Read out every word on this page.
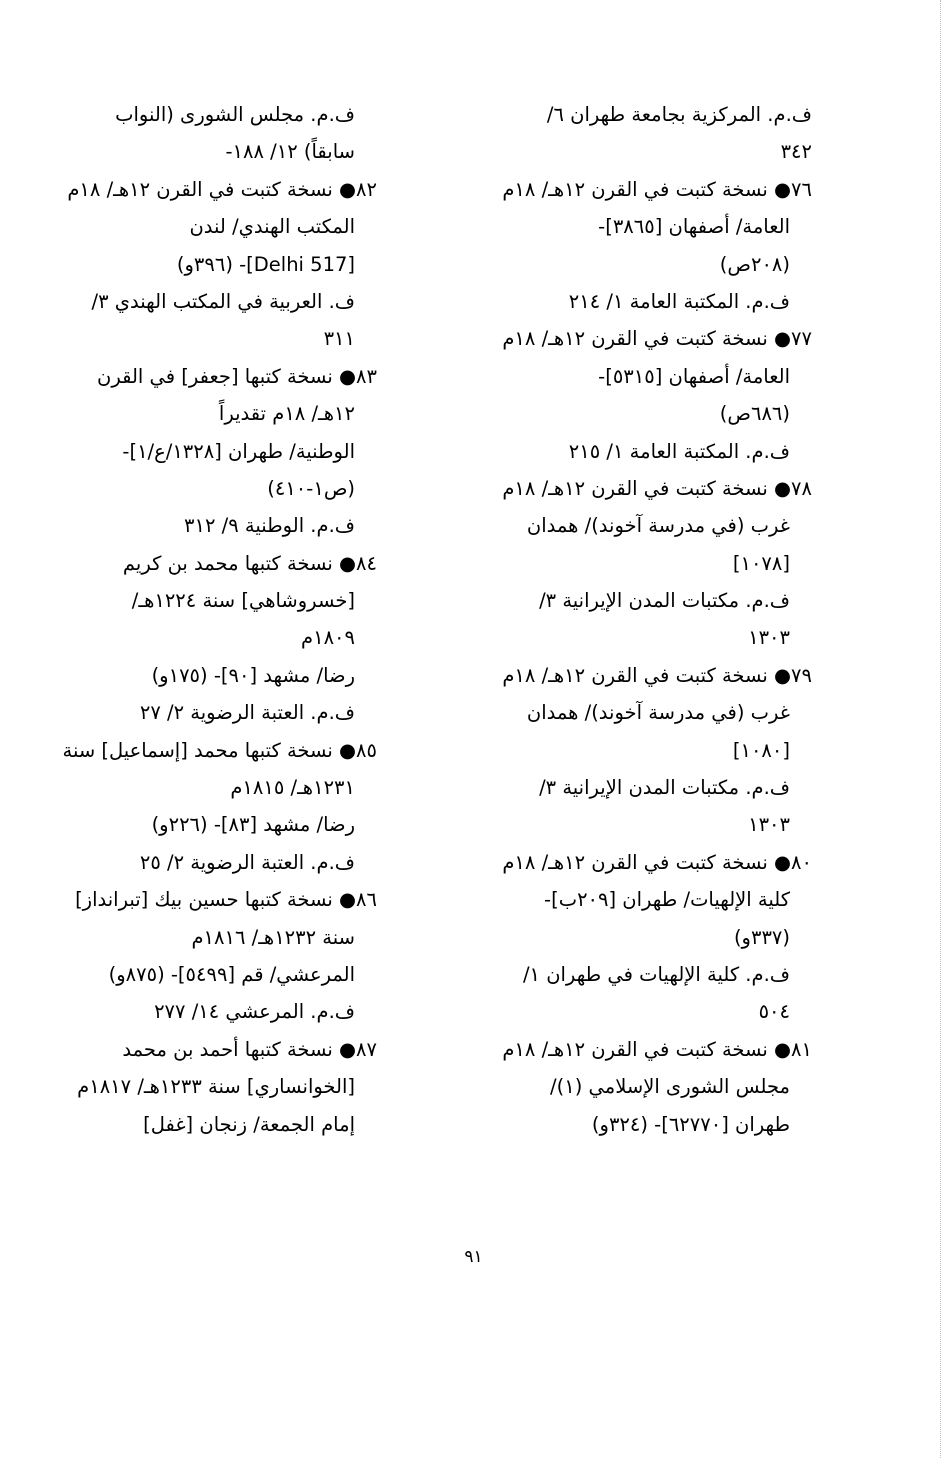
ف.م. المركزية بجامعة طهران ٦/
٣٤٢
٧٦● نسخة كتبت في القرن ١٢هـ/ ١٨م
العامة/ أصفهان [٣٨٦٥]-
(٢٠٨ص)
ف.م. المكتبة العامة ١/ ٢١٤
٧٧● نسخة كتبت في القرن ١٢هـ/ ١٨م
العامة/ أصفهان [٥٣١٥]-
(٦٨٦ص)
ف.م. المكتبة العامة ١/ ٢١٥
٧٨● نسخة كتبت في القرن ١٢هـ/ ١٨م
غرب (في مدرسة آخوند)/ همدان
[١٠٧٨]
ف.م. مكتبات المدن الإيرانية ٣/
١٣٠٣
٧٩● نسخة كتبت في القرن ١٢هـ/ ١٨م
غرب (في مدرسة آخوند)/ همدان
[١٠٨٠]
ف.م. مكتبات المدن الإيرانية ٣/
١٣٠٣
٨٠● نسخة كتبت في القرن ١٢هـ/ ١٨م
كلية الإلهيات/ طهران [٢٠٩ب]-
(٣٣٧و)
ف.م. كلية الإلهيات في طهران ١/
٥٠٤
٨١● نسخة كتبت في القرن ١٢هـ/ ١٨م
مجلس الشورى الإسلامي (١)/
طهران [٦٢٧٧٠]- (٣٢٤و)
ف.م. مجلس الشورى (النواب
سابقاً) ١٢/ ١٨٨-
٨٢● نسخة كتبت في القرن ١٢هـ/ ١٨م
المكتب الهندي/ لندن
[Delhi 517]- (٣٩٦و)
ف. العربية في المكتب الهندي ٣/
٣١١
٨٣● نسخة كتبها [جعفر] في القرن
١٢هـ/ ١٨م تقديراً
الوطنية/ طهران [١٣٢٨/ع/١]-
(ص١-٤١٠)
ف.م. الوطنية ٩/ ٣١٢
٨٤● نسخة كتبها محمد بن كريم
[خسروشاهي] سنة ١٢٢٤هـ/
١٨٠٩م
رضا/ مشهد [٩٠]- (١٧٥و)
ف.م. العتبة الرضوية ٢/ ٢٧
٨٥● نسخة كتبها محمد [إسماعيل] سنة
١٢٣١هـ/ ١٨١٥م
رضا/ مشهد [٨٣]- (٢٢٦و)
ف.م. العتبة الرضوية ٢/ ٢٥
٨٦● نسخة كتبها حسين بيك [تبرانداز]
سنة ١٢٣٢هـ/ ١٨١٦م
المرعشي/ قم [٥٤٩٩]- (٨٧٥و)
ف.م. المرعشي ١٤/ ٢٧٧
٨٧● نسخة كتبها أحمد بن محمد
[الخوانساري] سنة ١٢٣٣هـ/ ١٨١٧م
إمام الجمعة/ زنجان [غفل]
٩١
